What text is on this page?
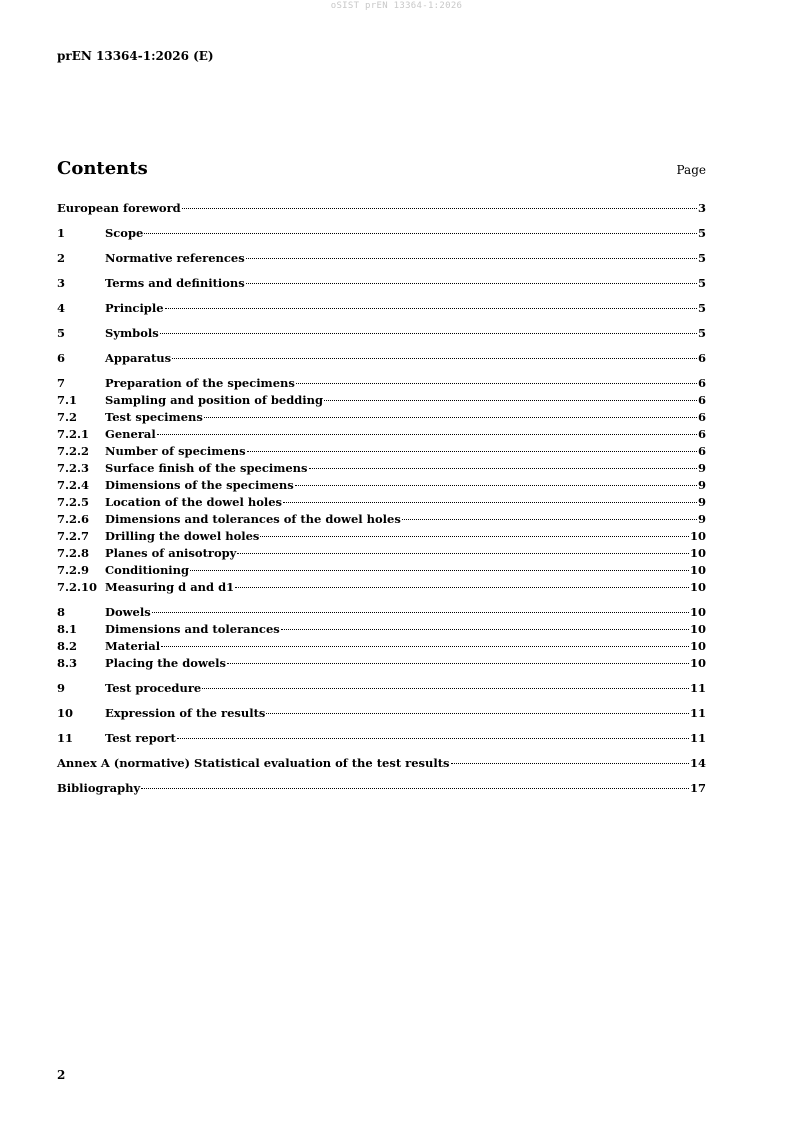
oSIST prEN 13364-1:2026
prEN 13364-1:2026 (E)
Contents	Page
European foreword	3
1	Scope	5
2	Normative references	5
3	Terms and definitions	5
4	Principle	5
5	Symbols	5
6	Apparatus	6
7	Preparation of the specimens	6
7.1	Sampling and position of bedding	6
7.2	Test specimens	6
7.2.1	General	6
7.2.2	Number of specimens	6
7.2.3	Surface finish of the specimens	9
7.2.4	Dimensions of the specimens	9
7.2.5	Location of the dowel holes	9
7.2.6	Dimensions and tolerances of the dowel holes	9
7.2.7	Drilling the dowel holes	10
7.2.8	Planes of anisotropy	10
7.2.9	Conditioning	10
7.2.10 Measuring d and d1	10
8	Dowels	10
8.1	Dimensions and tolerances	10
8.2	Material	10
8.3	Placing the dowels	10
9	Test procedure	11
10	Expression of the results	11
11	Test report	11
Annex A (normative) Statistical evaluation of the test results	14
Bibliography	17
2
